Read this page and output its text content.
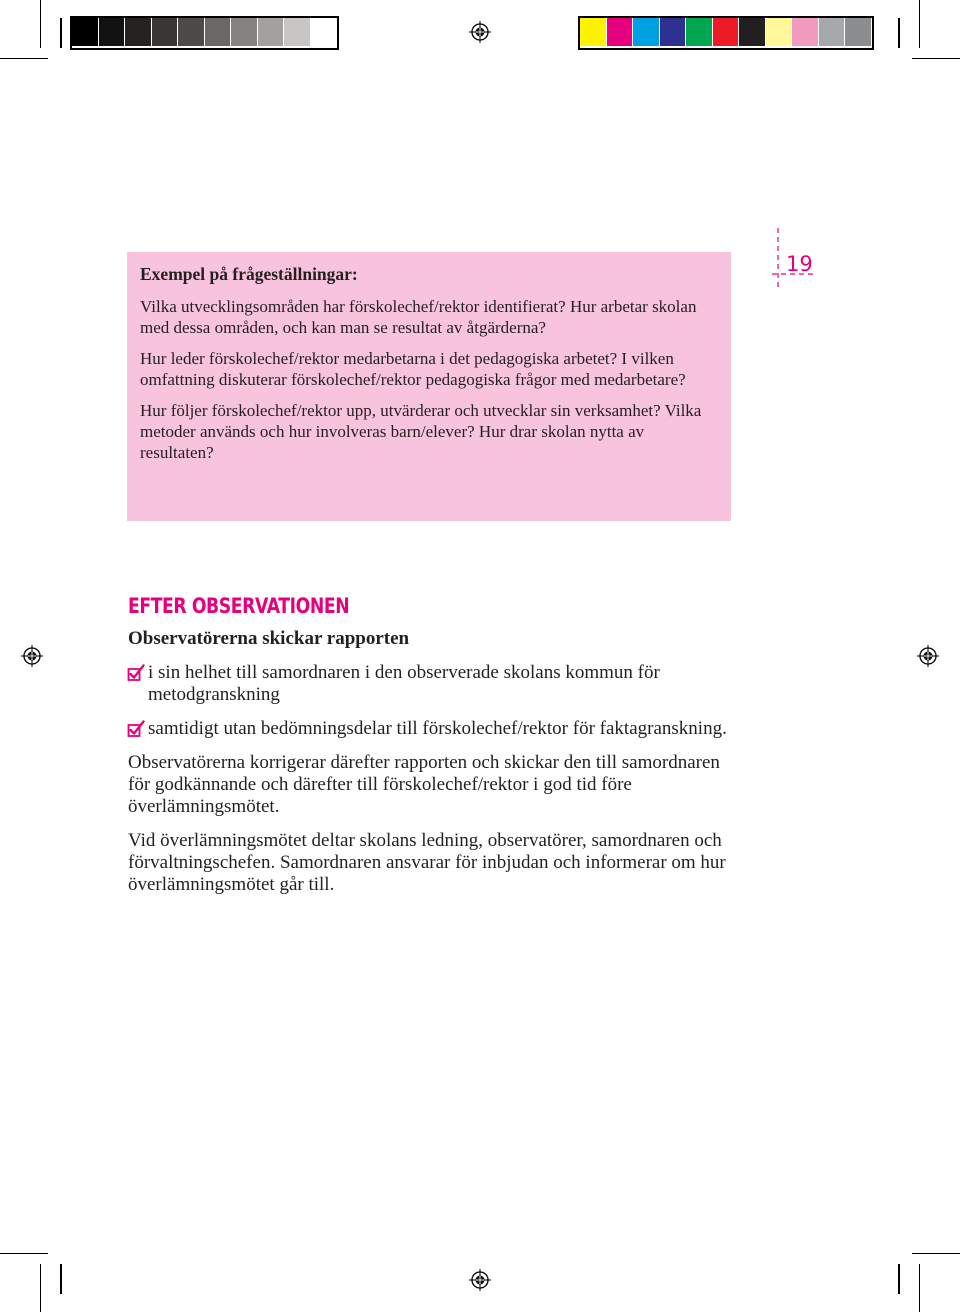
Exempel på frågeställningar:

Vilka utvecklingsområden har förskolechef/rektor identifierat? Hur arbetar skolan med dessa områden, och kan man se resultat av åtgärderna?

Hur leder förskolechef/rektor medarbetarna i det pedagogiska arbetet? I vilken omfattning diskuterar förskolechef/rektor pedagogiska frågor med medarbetare?

Hur följer förskolechef/rektor upp, utvärderar och utvecklar sin verksamhet? Vilka metoder används och hur involveras barn/elever? Hur drar skolan nytta av resultaten?

19
EFTER OBSERVATIONEN
Observatörerna skickar rapporten
i sin helhet till samordnaren i den observerade skolans kommun för metodgranskning
samtidigt utan bedömningsdelar till förskolechef/rektor för faktagranskning.

Observatörerna korrigerar därefter rapporten och skickar den till samordnaren för godkännande och därefter till förskolechef/rektor i god tid före överlämningsmötet.

Vid överlämningsmötet deltar skolans ledning, observatörer, samordnaren och förvaltningschefen. Samordnaren ansvarar för inbjudan och informerar om hur överlämningsmötet går till.
